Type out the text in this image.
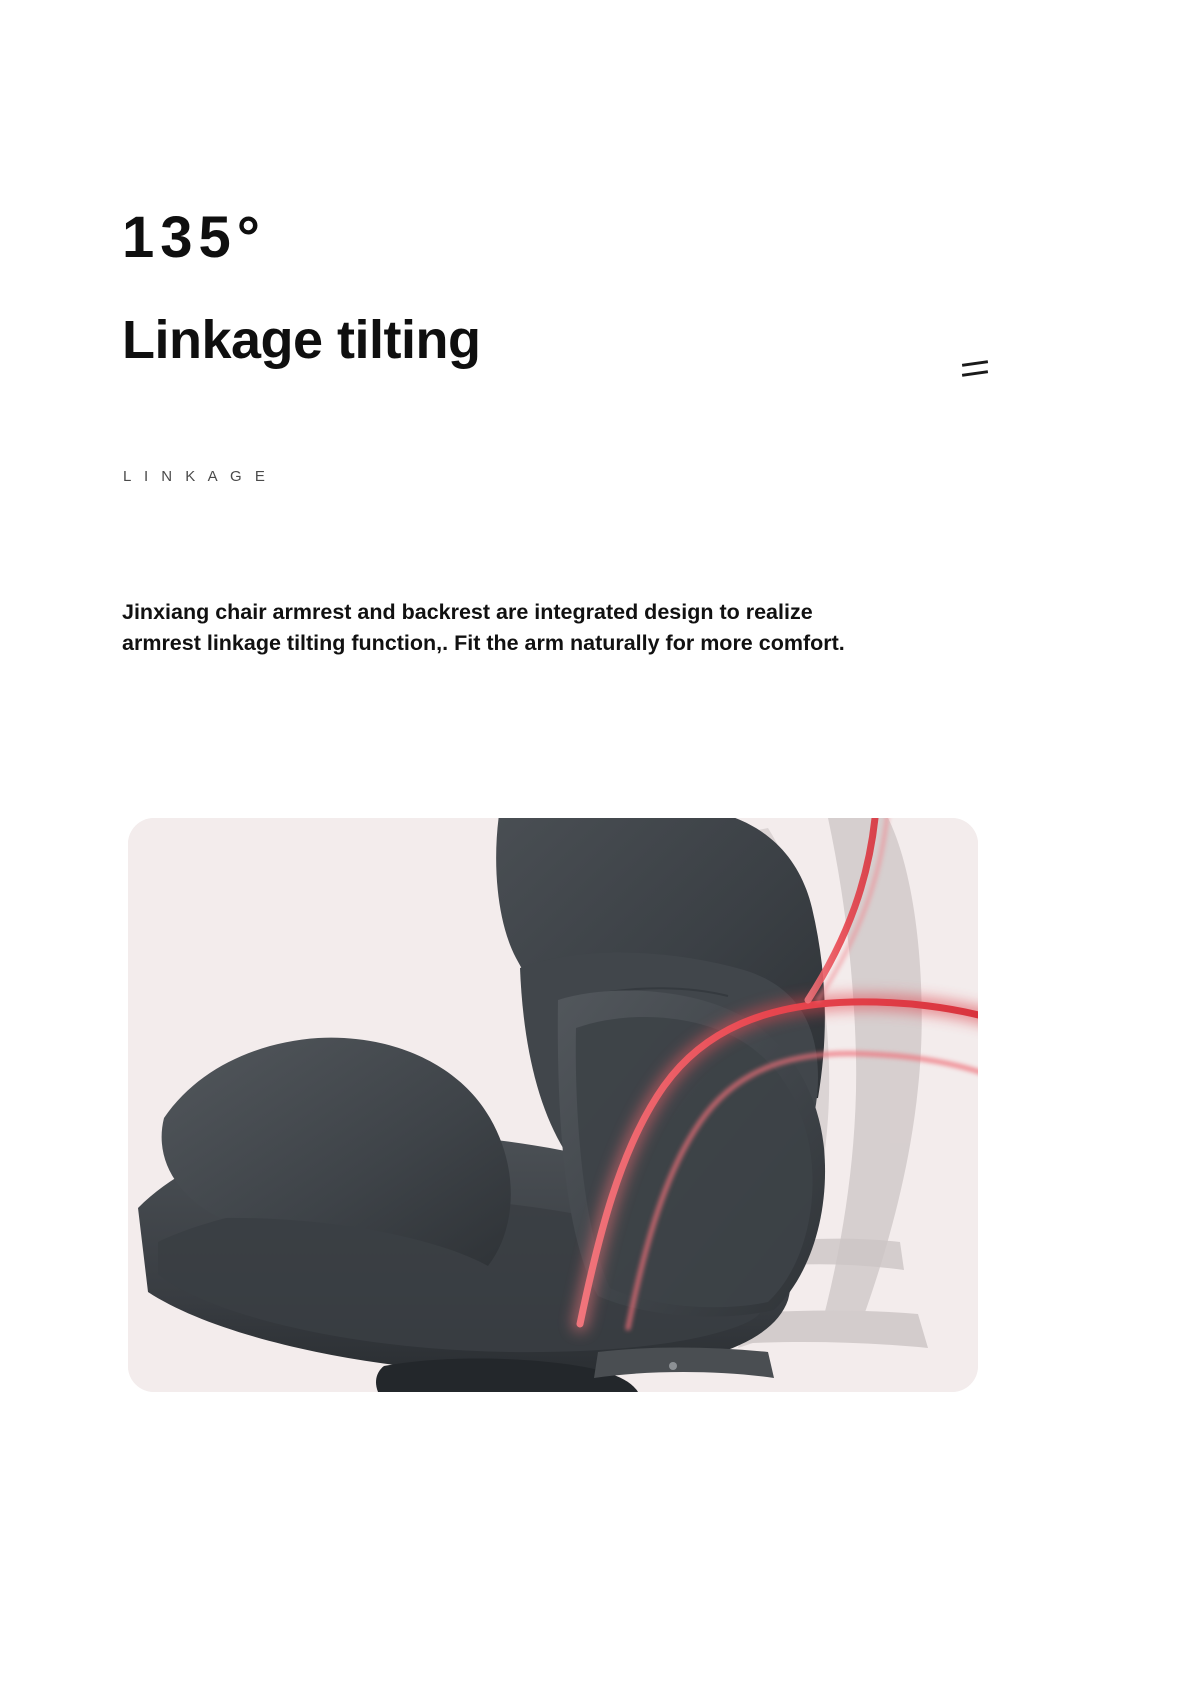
135°
Linkage tilting
L I N K A G E

Jinxiang chair armrest and backrest are integrated design to realize armrest linkage tilting function,. Fit the arm naturally for more comfort.
